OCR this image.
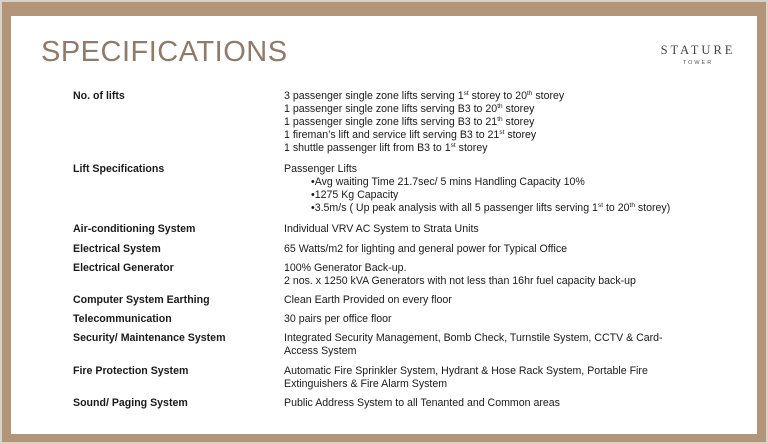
SPECIFICATIONS	STATURE
TOWER
No. of lifts	3 passenger single zone lifts serving 1st storey to 20th storey
1 passenger single zone lifts serving B3 to 20th storey
1 passenger single zone lifts serving B3 to 21th storey
1 fireman’s lift and service lift serving B3 to 21st storey
1 shuttle passenger lift from B3 to 1st storey
Lift Specifications	Passenger Lifts
•Avg waiting Time 21.7sec/ 5 mins Handling Capacity 10%
•1275 Kg Capacity
•3.5m/s ( Up peak analysis with all 5 passenger lifts serving 1st to 20th storey)
Air-conditioning System	Individual VRV AC System to Strata Units
Electrical System	65 Watts/m2 for lighting and general power for Typical Office
Electrical Generator	100% Generator Back-up.
2 nos. x 1250 kVA Generators with not less than 16hr fuel capacity back-up
Computer System Earthing	Clean Earth Provided on every floor
Telecommunication	30 pairs per office floor
Security/ Maintenance System	Integrated Security Management, Bomb Check, Turnstile System, CCTV & Card-
Access System
Fire Protection System	Automatic Fire Sprinkler System, Hydrant & Hose Rack System, Portable Fire
Extinguishers & Fire Alarm System
Sound/ Paging System	Public Address System to all Tenanted and Common areas
